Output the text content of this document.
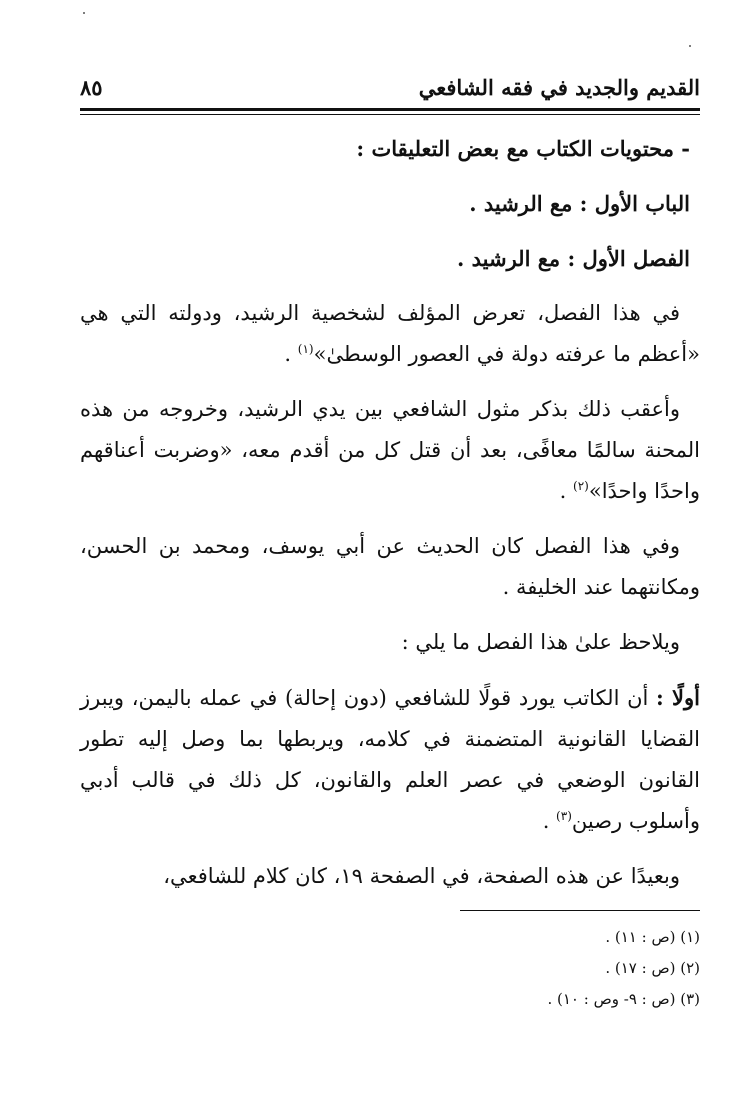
٨٥	القديم والجديد في فقه الشافعي

- محتويات الكتاب مع بعض التعليقات :

الباب الأول : مع الرشيد .

الفصل الأول : مع الرشيد .

في هذا الفصل، تعرض المؤلف لشخصية الرشيد، ودولته التي هي «أعظم ما عرفته دولة في العصور الوسطىٰ»$^{(١)}$ .

وأعقب ذلك بذكر مثول الشافعي بين يدي الرشيد، وخروجه من هذه المحنة سالمًا معافًى، بعد أن قتل كل من أقدم معه، «وضربت أعناقهم واحدًا واحدًا»$^{(٢)}$ .

وفي هذا الفصل كان الحديث عن أبي يوسف، ومحمد بن الحسن، ومكانتهما عند الخليفة .

ويلاحظ علىٰ هذا الفصل ما يلي :

أولًا : أن الكاتب يورد قولًا للشافعي (دون إحالة) في عمله باليمن، ويبرز القضايا القانونية المتضمنة في كلامه، ويربطها بما وصل إليه تطور القانون الوضعي في عصر العلم والقانون، كل ذلك في قالب أدبي وأسلوب رصين$^{(٣)}$ .

وبعيدًا عن هذه الصفحة، في الصفحة ١٩، كان كلام للشافعي،

(١) (ص : ١١) .
(٢) (ص : ١٧) .
(٣) (ص : ٩- وص : ١٠) .
